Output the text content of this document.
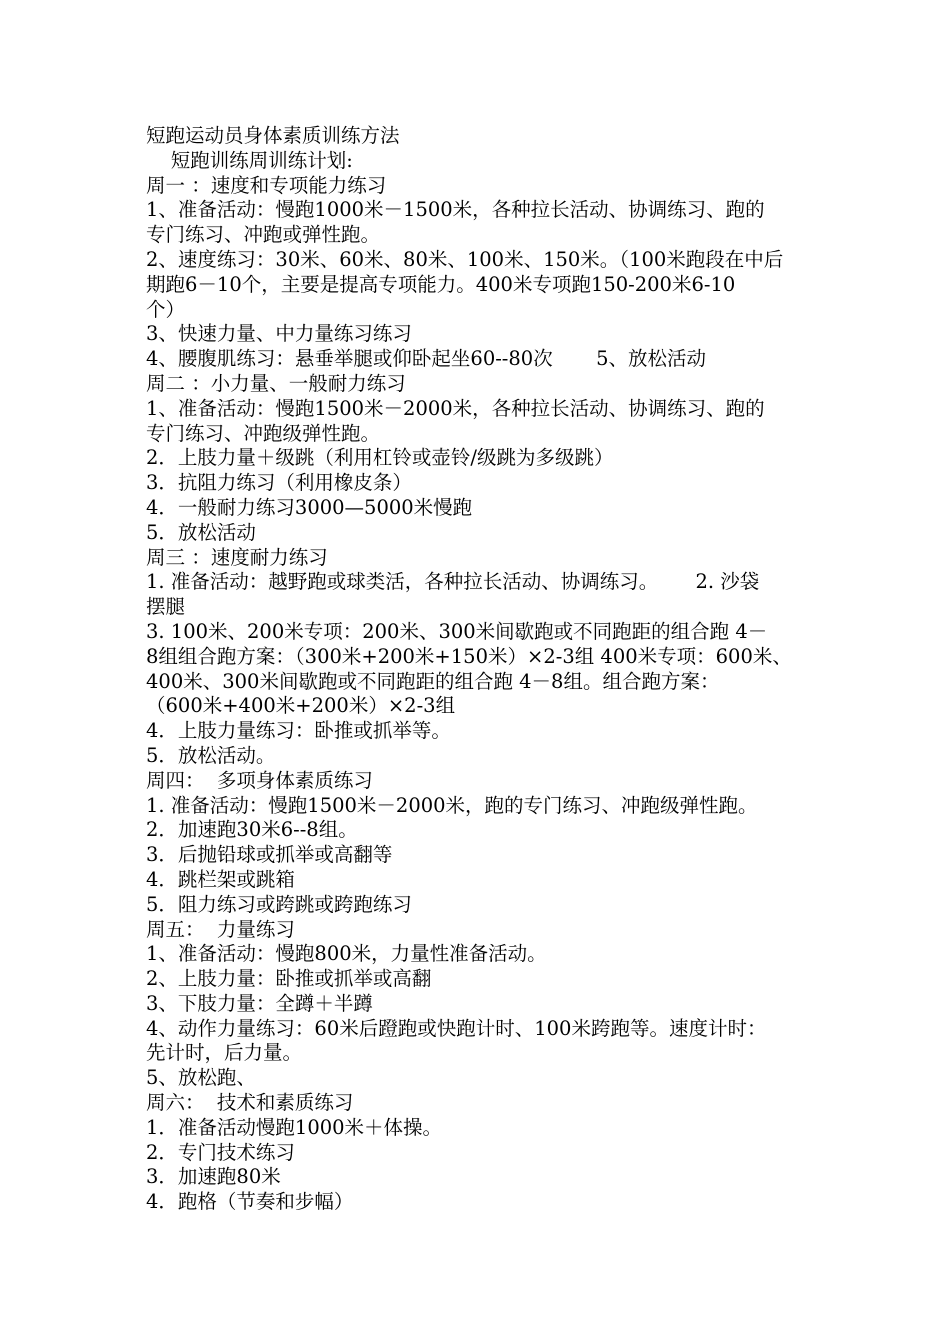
短跑运动员身体素质训练方法
短跑训练周训练计划:
周一 ：速度和专项能力练习
1、准备活动：慢跑1000米－1500米，各种拉长活动、协调练习、跑的
专门练习、冲跑或弹性跑。
2、速度练习：30米、60米、80米、100米、150米。（100米跑段在中后
期跑6－10个，主要是提高专项能力。400米专项跑150-200米6-10
个）
3、快速力量、中力量练习练习
4、腰腹肌练习：悬垂举腿或仰卧起坐60--80次       5、放松活动
周二 ：小力量、一般耐力练习
1、准备活动：慢跑1500米－2000米，各种拉长活动、协调练习、跑的
专门练习、冲跑级弹性跑。
2．上肢力量＋级跳（利用杠铃或壶铃/级跳为多级跳）
3．抗阻力练习（利用橡皮条）
4．一般耐力练习3000—5000米慢跑
5．放松活动
周三 ：速度耐力练习
1. 准备活动：越野跑或球类活，各种拉长活动、协调练习。      2. 沙袋
摆腿
3. 100米、200米专项：200米、300米间歇跑或不同跑距的组合跑 4－
8组组合跑方案：（300米+200米+150米）×2-3组 400米专项：600米、
400米、300米间歇跑或不同跑距的组合跑 4－8组。组合跑方案：
（600米+400米+200米）×2-3组
4．上肢力量练习：卧推或抓举等。
5．放松活动。
周四：  多项身体素质练习
1. 准备活动：慢跑1500米－2000米，跑的专门练习、冲跑级弹性跑。
2．加速跑30米6--8组。
3．后抛铅球或抓举或高翻等
4．跳栏架或跳箱
5．阻力练习或跨跳或跨跑练习
周五：  力量练习
1、准备活动：慢跑800米，力量性准备活动。
2、上肢力量：卧推或抓举或高翻
3、下肢力量：全蹲＋半蹲
4、动作力量练习：60米后蹬跑或快跑计时、100米跨跑等。速度计时：
先计时，后力量。
5、放松跑、
周六：  技术和素质练习
1．准备活动慢跑1000米＋体操。
2．专门技术练习
3．加速跑80米
4．跑格（节奏和步幅）
